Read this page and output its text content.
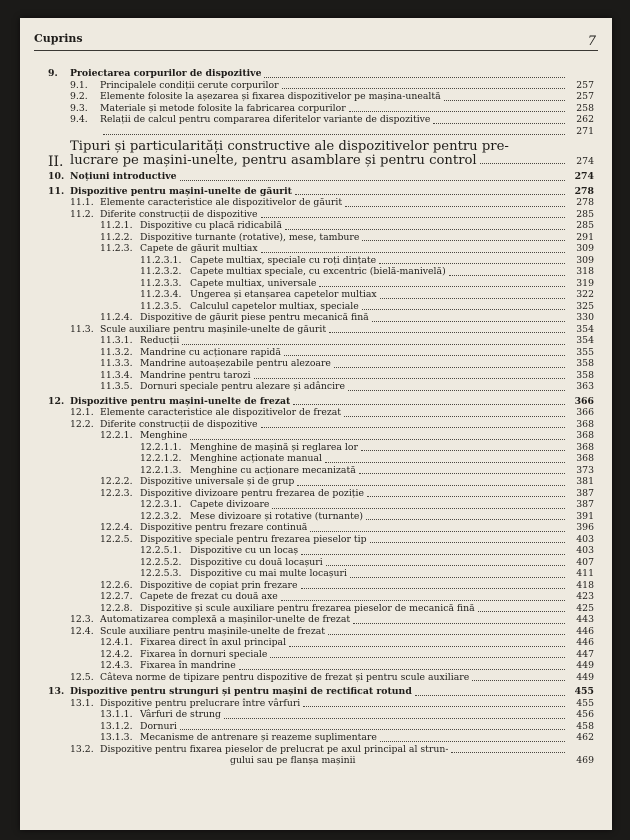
Cuprins	7
9.	Proiectarea corpurilor de dispozitive
9.1.	Principalele condiții cerute corpurilor	257
9.2.	Elemente folosite la așezarea și fixarea dispozitivelor pe mașina-unealtă	257
9.3.	Materiale și metode folosite la fabricarea corpurilor	258
9.4.	Relații de calcul pentru compararea diferitelor variante de dispozitive	262
271
II.
Tipuri și particularități constructive ale dispozitivelor pentru pre-
lucrare pe mașini-unelte, pentru asamblare și pentru control	274
10. Noțiuni introductive	274
11. Dispozitive pentru mașini-unelte de găurit	278
11.1. Elemente caracteristice ale dispozitivelor de găurit	278
11.2. Diferite construcții de dispozitive	285
11.2.1. Dispozitive cu placă ridicabilă	285
11.2.2. Dispozitive turnante (rotative), mese, tambure	291
11.2.3. Capete de găurit multiax	309
11.2.3.1. Capete multiax, speciale cu roți dințate	309
11.2.3.2. Capete multiax speciale, cu excentric (bielă-manivelă)	318
11.2.3.3. Capete multiax, universale	319
11.2.3.4. Ungerea și etanșarea capetelor multiax	322
11.2.3.5. Calculul capetelor multiax, speciale	325
11.2.4. Dispozitive de găurit piese pentru mecanică fină	330
11.3. Scule auxiliare pentru mașinile-unelte de găurit	354
11.3.1. Reducții	354
11.3.2. Mandrine cu acționare rapidă	355
11.3.3. Mandrine autoașezabile pentru alezoare	358
11.3.4. Mandrine pentru tarozi	358
11.3.5. Dornuri speciale pentru alezare și adâncire	363
12. Dispozitive pentru mașini-unelte de frezat	366
12.1. Elemente caracteristice ale dispozitivelor de frezat	366
12.2. Diferite construcții de dispozitive	368
12.2.1. Menghine	368
12.2.1.1. Menghine de mașină și reglarea lor	368
12.2.1.2. Menghine acționate manual	368
12.2.1.3. Menghine cu acționare mecanizată	373
12.2.2. Dispozitive universale și de grup	381
12.2.3. Dispozitive divizoare pentru frezarea de poziție	387
12.2.3.1. Capete divizoare	387
12.2.3.2. Mese divizoare și rotative (turnante)	391
12.2.4. Dispozitive pentru frezare continuă	396
12.2.5. Dispozitive speciale pentru frezarea pieselor tip	403
12.2.5.1. Dispozitive cu un locaș	403
12.2.5.2. Dispozitive cu două locașuri	407
12.2.5.3. Dispozitive cu mai multe locașuri	411
12.2.6. Dispozitive de copiat prin frezare	418
12.2.7. Capete de frezat cu două axe	423
12.2.8. Dispozitive și scule auxiliare pentru frezarea pieselor de mecanică fină	425
12.3. Automatizarea complexă a mașinilor-unelte de frezat	443
12.4. Scule auxiliare pentru mașinile-unelte de frezat	446
12.4.1. Fixarea direct în axul principal	446
12.4.2. Fixarea în dornuri speciale	447
12.4.3. Fixarea în mandrine	449
12.5. Câteva norme de tipizare pentru dispozitive de frezat și pentru scule auxiliare	449
13. Dispozitive pentru strunguri și pentru mașini de rectificat rotund	455
13.1. Dispozitive pentru prelucrare între vârfuri	455
13.1.1. Vârfuri de strung	456
13.1.2. Dornuri	458
13.1.3. Mecanisme de antrenare și reazeme suplimentare	462
13.2. Dispozitive pentru fixarea pieselor de prelucrat pe axul principal al strun-
gului sau pe flanșa mașinii	469
